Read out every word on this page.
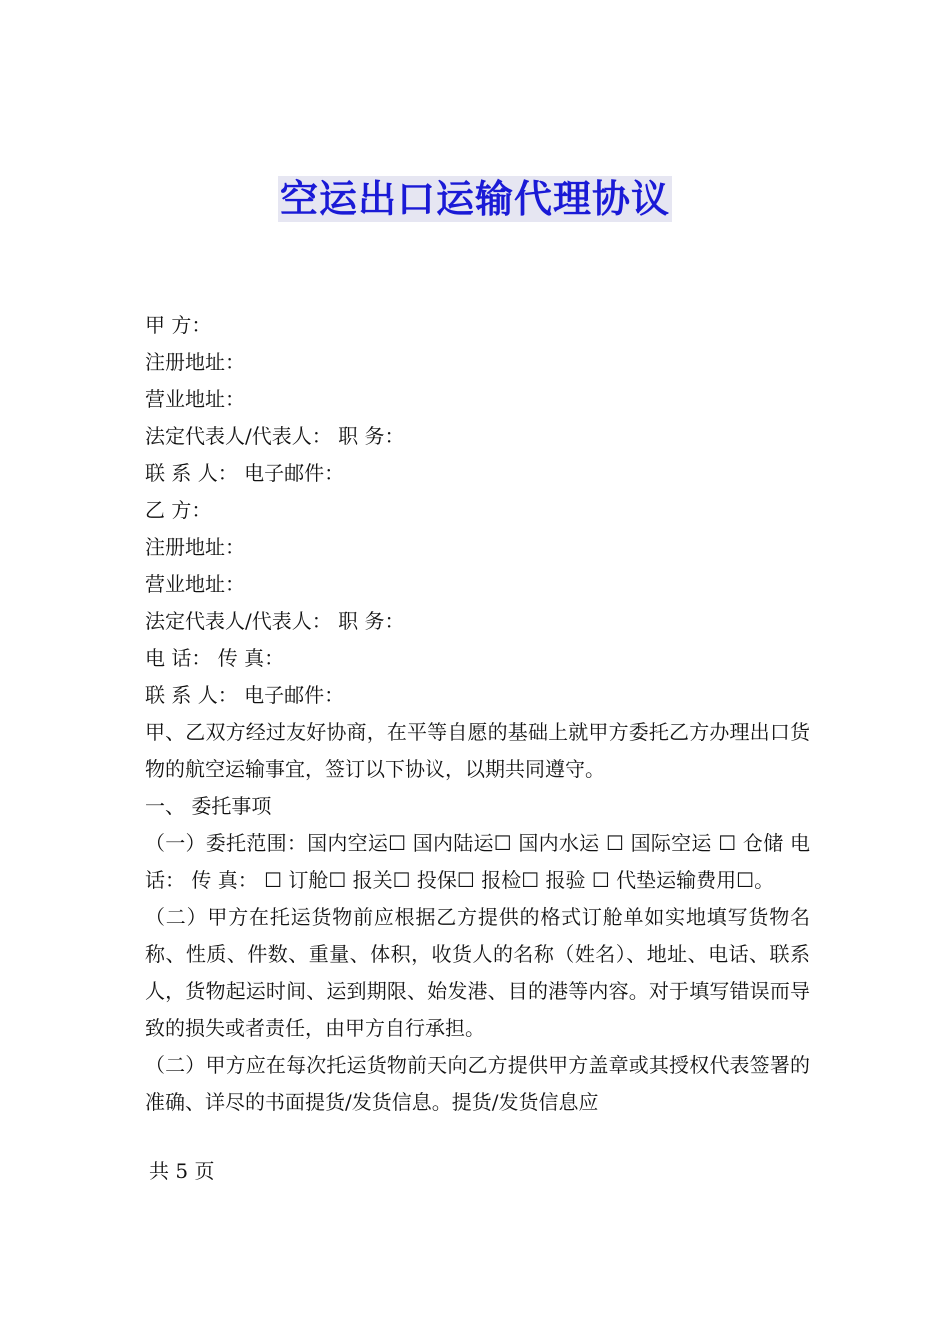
空运出口运输代理协议
甲 方：
注册地址：
营业地址：
法定代表人/代表人： 职 务：
联 系 人： 电子邮件：
乙 方：
注册地址：
营业地址：
法定代表人/代表人： 职 务：
电 话： 传 真：
联 系 人： 电子邮件：
甲、乙双方经过友好协商，在平等自愿的基础上就甲方委托乙方办理出口货物的航空运输事宜，签订以下协议，以期共同遵守。
一、 委托事项
（一）委托范围：国内空运☐ 国内陆运☐ 国内水运 ☐ 国际空运 ☐ 仓储 电 话： 传 真： ☐ 订舱☐ 报关☐ 投保☐ 报检☐ 报验 ☐ 代垫运输费用☐。
（二）甲方在托运货物前应根据乙方提供的格式订舱单如实地填写货物名称、性质、件数、重量、体积，收货人的名称（姓名）、地址、电话、联系人，货物起运时间、运到期限、始发港、目的港等内容。对于填写错误而导致的损失或者责任，由甲方自行承担。
（二）甲方应在每次托运货物前天向乙方提供甲方盖章或其授权代表签署的准确、详尽的书面提货/发货信息。提货/发货信息应
共 5 页
